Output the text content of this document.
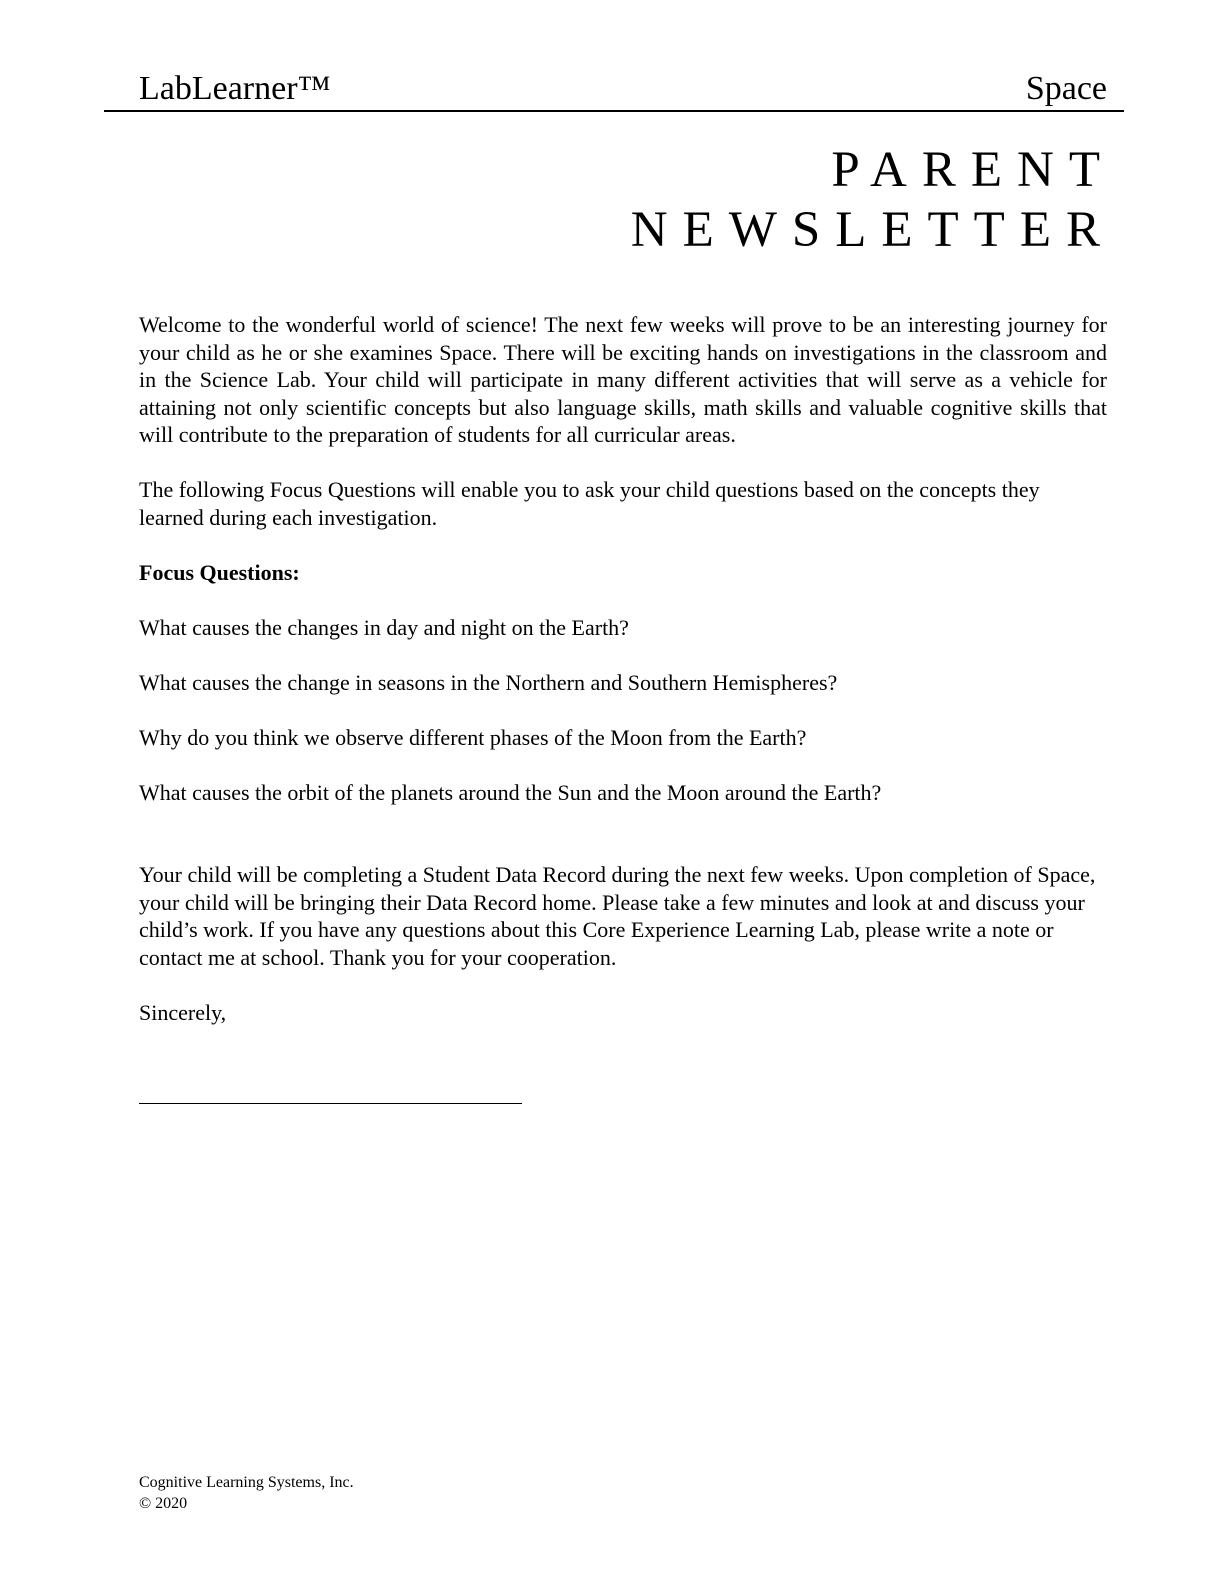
LabLearner™	Space
PARENT
NEWSLETTER

Welcome to the wonderful world of science! The next few weeks will prove to be an interesting journey for your child as he or she examines Space. There will be exciting hands on investigations in the classroom and in the Science Lab. Your child will participate in many different activities that will serve as a vehicle for attaining not only scientific concepts but also language skills, math skills and valuable cognitive skills that will contribute to the preparation of students for all curricular areas.

The following Focus Questions will enable you to ask your child questions based on the concepts they learned during each investigation.

Focus Questions:

What causes the changes in day and night on the Earth?

What causes the change in seasons in the Northern and Southern Hemispheres?

Why do you think we observe different phases of the Moon from the Earth?

What causes the orbit of the planets around the Sun and the Moon around the Earth?

Your child will be completing a Student Data Record during the next few weeks. Upon completion of Space, your child will be bringing their Data Record home. Please take a few minutes and look at and discuss your child’s work. If you have any questions about this Core Experience Learning Lab, please write a note or contact me at school. Thank you for your cooperation.

Sincerely,

Cognitive Learning Systems, Inc.
© 2020
